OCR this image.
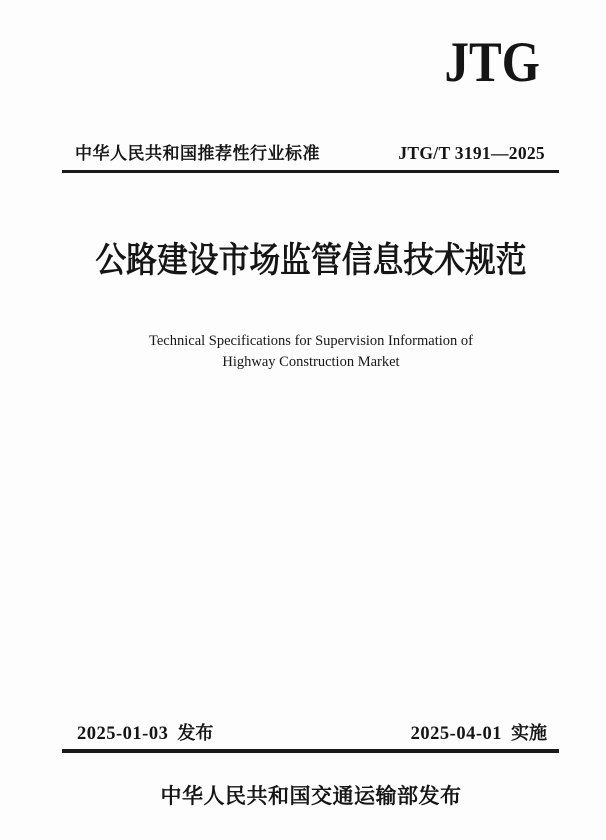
JTG
中华人民共和国推荐性行业标准	JTG/T 3191—2025
公路建设市场监管信息技术规范
Technical Specifications for Supervision Information of
Highway Construction Market
2025-01-03 发布	2025-04-01 实施
中华人民共和国交通运输部发布
